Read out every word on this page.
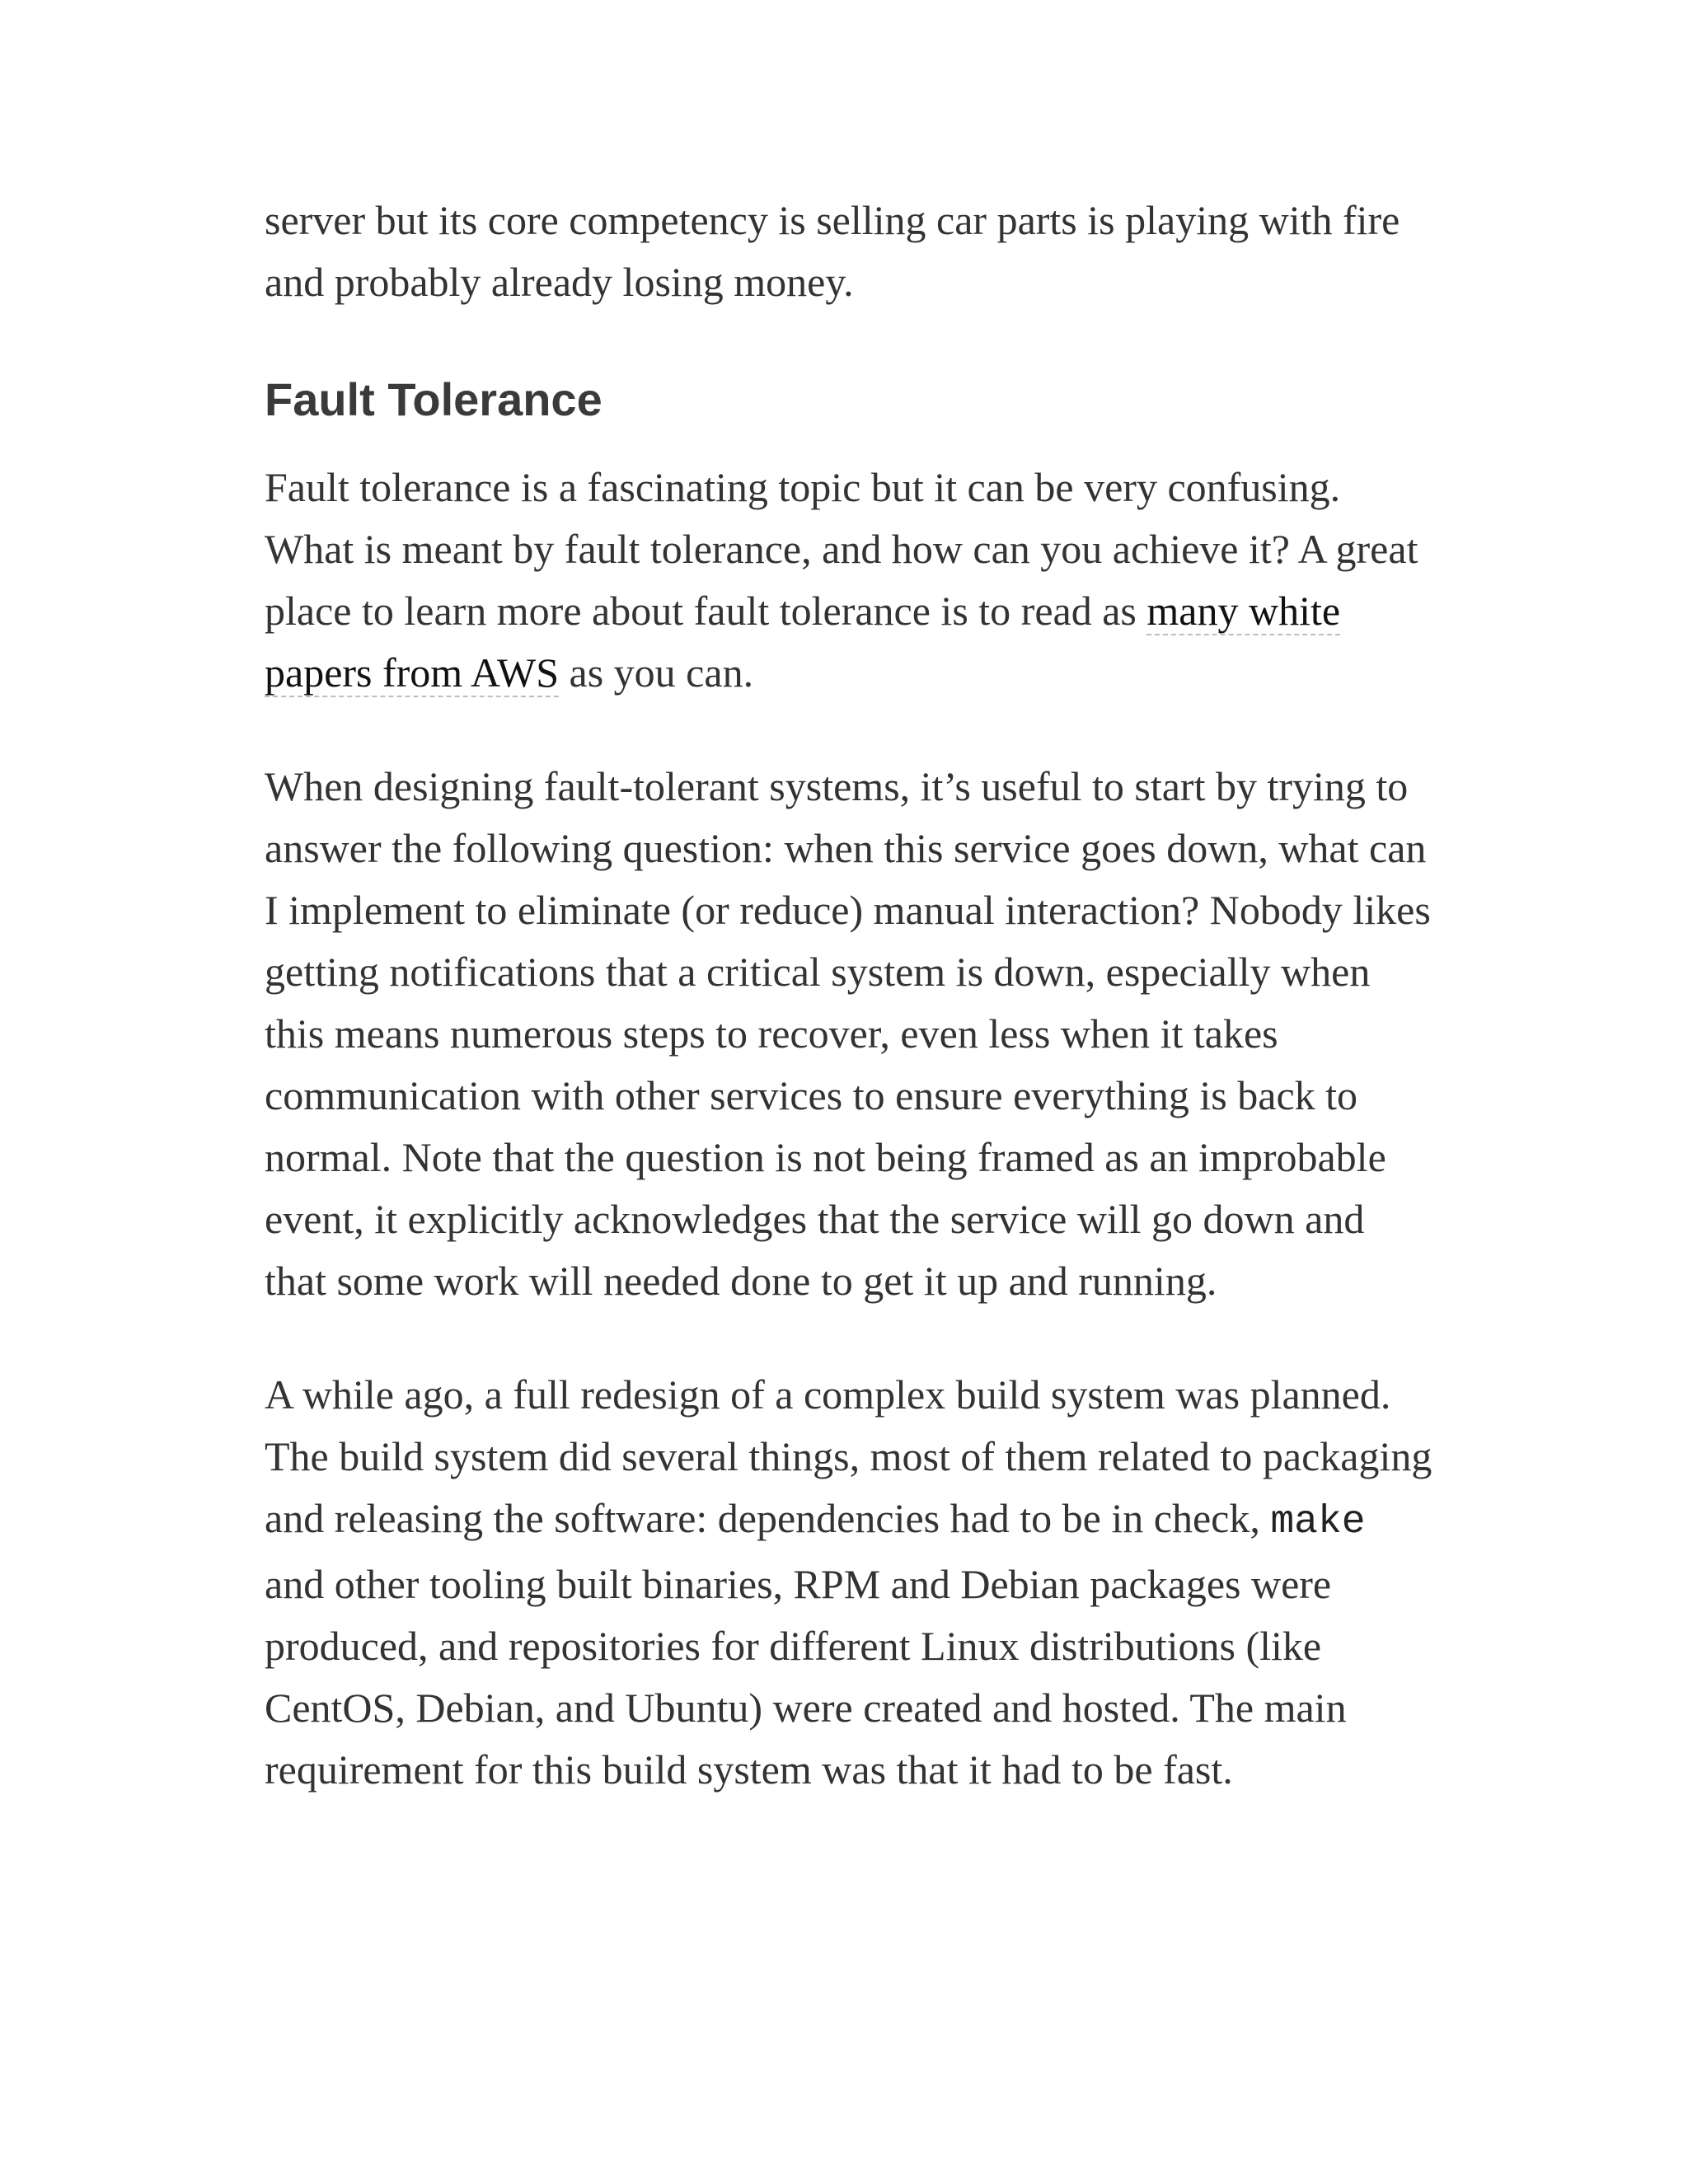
server but its core competency is selling car parts is playing with fire and probably already losing money.

Fault Tolerance

Fault tolerance is a fascinating topic but it can be very confusing. What is meant by fault tolerance, and how can you achieve it? A great place to learn more about fault tolerance is to read as many white papers from AWS as you can.

When designing fault-tolerant systems, it’s useful to start by trying to answer the following question: when this service goes down, what can I implement to eliminate (or reduce) manual interaction? Nobody likes getting notifications that a critical system is down, especially when this means numerous steps to recover, even less when it takes communication with other services to ensure everything is back to normal. Note that the question is not being framed as an improbable event, it explicitly acknowledges that the service will go down and that some work will needed done to get it up and running.

A while ago, a full redesign of a complex build system was planned. The build system did several things, most of them related to packaging and releasing the software: dependencies had to be in check, make and other tooling built binaries, RPM and Debian packages were produced, and repositories for different Linux distributions (like CentOS, Debian, and Ubuntu) were created and hosted. The main requirement for this build system was that it had to be fast.
